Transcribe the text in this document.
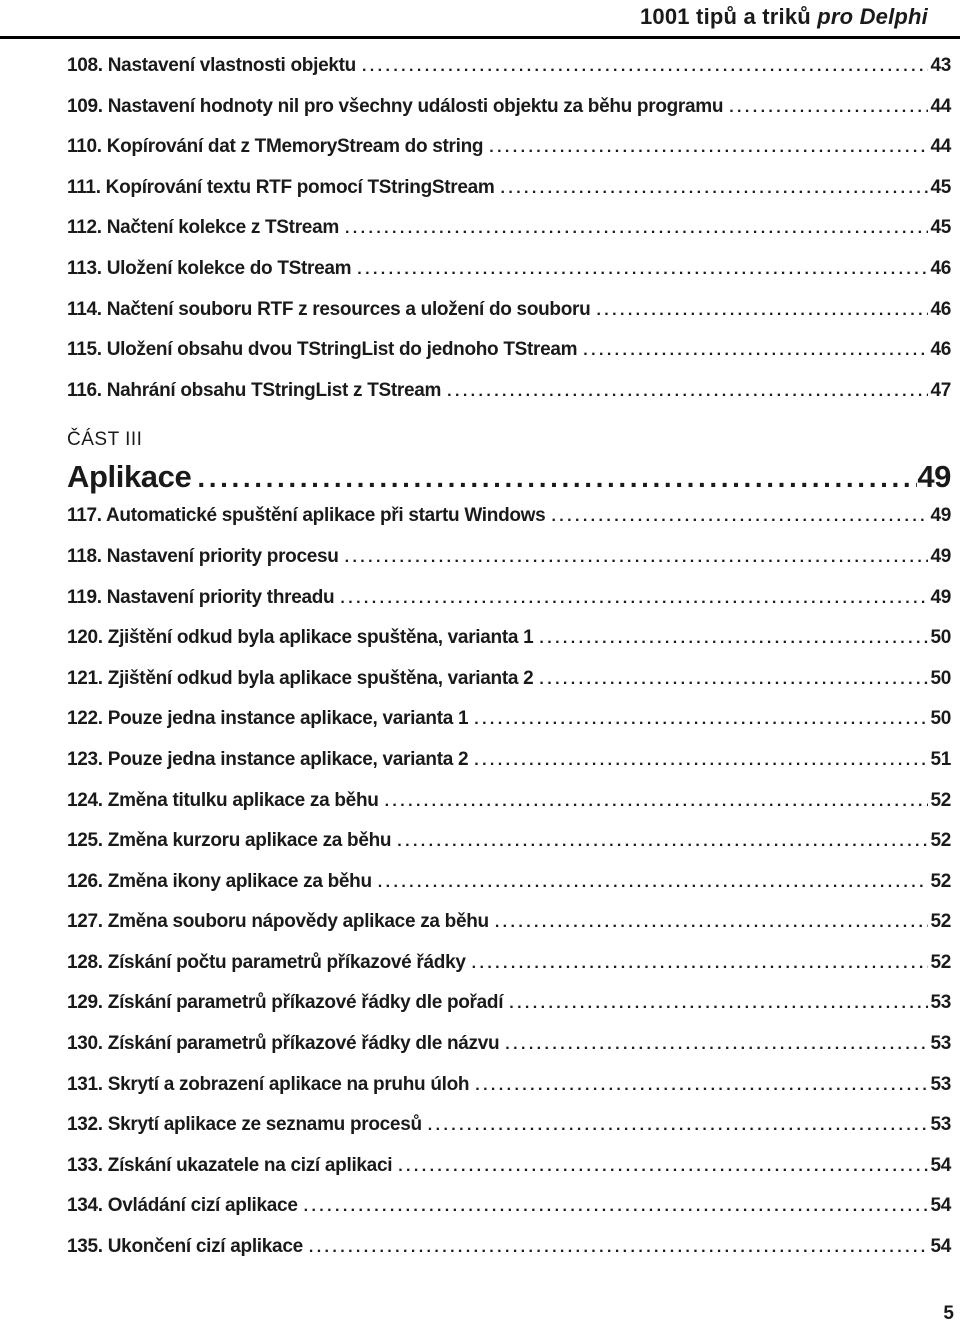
1001 tipů a triků pro Delphi
108. Nastavení vlastnosti objektu .....	43
109. Nastavení hodnoty nil pro všechny události objektu za běhu programu .....	44
110. Kopírování dat z TMemoryStream do string .....	44
111. Kopírování textu RTF pomocí TStringStream .....	45
112. Načtení kolekce z TStream .....	45
113. Uložení kolekce do TStream .....	46
114. Načtení souboru RTF z resources a uložení do souboru .....	46
115. Uložení obsahu dvou TStringList do jednoho TStream .....	46
116. Nahrání obsahu TStringList z TStream .....	47
ČÁST III
Aplikace .....	49
117. Automatické spuštění aplikace při startu Windows .....	49
118. Nastavení priority procesu .....	49
119. Nastavení priority threadu .....	49
120. Zjištění odkud byla aplikace spuštěna, varianta 1 .....	50
121. Zjištění odkud byla aplikace spuštěna, varianta 2 .....	50
122. Pouze jedna instance aplikace, varianta 1 .....	50
123. Pouze jedna instance aplikace, varianta 2 .....	51
124. Změna titulku aplikace za běhu .....	52
125. Změna kurzoru aplikace za běhu .....	52
126. Změna ikony aplikace za běhu .....	52
127. Změna souboru nápovědy aplikace za běhu .....	52
128. Získání počtu parametrů příkazové řádky .....	52
129. Získání parametrů příkazové řádky dle pořadí .....	53
130. Získání parametrů příkazové řádky dle názvu .....	53
131. Skrytí a zobrazení aplikace na pruhu úloh .....	53
132. Skrytí aplikace ze seznamu procesů .....	53
133. Získání ukazatele na cizí aplikaci .....	54
134. Ovládání cizí aplikace .....	54
135. Ukončení cizí aplikace .....	54
5
